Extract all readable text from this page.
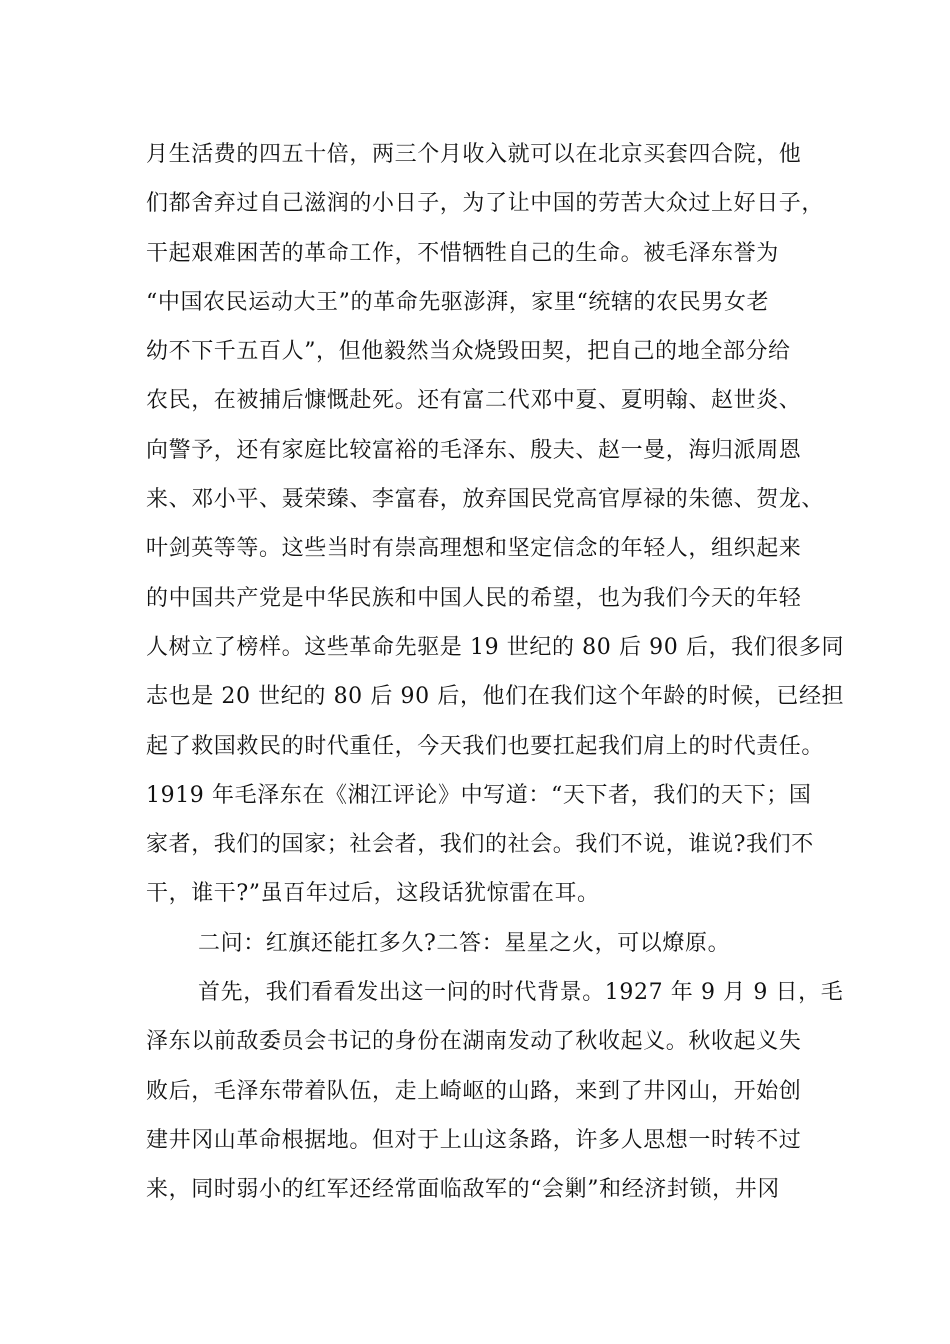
月生活费的四五十倍，两三个月收入就可以在北京买套四合院，他
们都舍弃过自己滋润的小日子，为了让中国的劳苦大众过上好日子，
干起艰难困苦的革命工作，不惜牺牲自己的生命。被毛泽东誉为
“中国农民运动大王”的革命先驱澎湃，家里“统辖的农民男女老
幼不下千五百人”，但他毅然当众烧毁田契，把自己的地全部分给
农民，在被捕后慷慨赴死。还有富二代邓中夏、夏明翰、赵世炎、
向警予，还有家庭比较富裕的毛泽东、殷夫、赵一曼，海归派周恩
来、邓小平、聂荣臻、李富春，放弃国民党高官厚禄的朱德、贺龙、
叶剑英等等。这些当时有崇高理想和坚定信念的年轻人，组织起来
的中国共产党是中华民族和中国人民的希望，也为我们今天的年轻
人树立了榜样。这些革命先驱是 19 世纪的 80 后 90 后，我们很多同
志也是 20 世纪的 80 后 90 后，他们在我们这个年龄的时候，已经担
起了救国救民的时代重任，今天我们也要扛起我们肩上的时代责任。
1919 年毛泽东在《湘江评论》中写道：“天下者，我们的天下；国
家者，我们的国家；社会者，我们的社会。我们不说，谁说?我们不
干，谁干?”虽百年过后，这段话犹惊雷在耳。
二问：红旗还能扛多久?二答：星星之火，可以燎原。
首先，我们看看发出这一问的时代背景。1927 年 9 月 9 日，毛
泽东以前敌委员会书记的身份在湖南发动了秋收起义。秋收起义失
败后，毛泽东带着队伍，走上崎岖的山路，来到了井冈山，开始创
建井冈山革命根据地。但对于上山这条路，许多人思想一时转不过
来，同时弱小的红军还经常面临敌军的“会剿”和经济封锁，井冈
